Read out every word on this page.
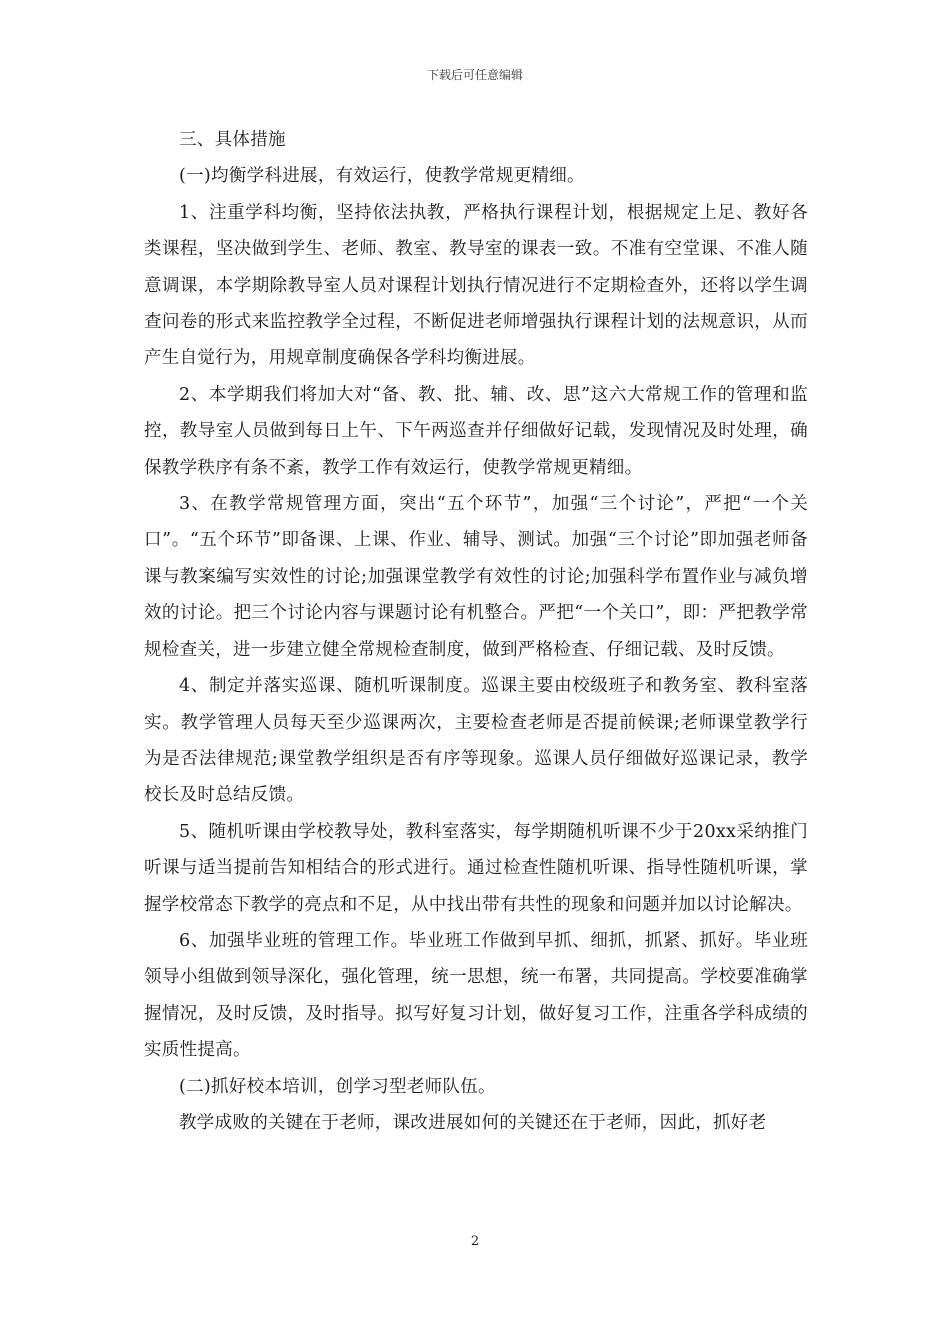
下载后可任意编辑

三、具体措施

(一)均衡学科进展，有效运行，使教学常规更精细。

1、注重学科均衡，坚持依法执教，严格执行课程计划，根据规定上足、教好各类课程，坚决做到学生、老师、教室、教导室的课表一致。不准有空堂课、不准人随意调课，本学期除教导室人员对课程计划执行情况进行不定期检查外，还将以学生调查问卷的形式来监控教学全过程，不断促进老师增强执行课程计划的法规意识，从而产生自觉行为，用规章制度确保各学科均衡进展。

2、本学期我们将加大对“备、教、批、辅、改、思”这六大常规工作的管理和监控，教导室人员做到每日上午、下午两巡查并仔细做好记载，发现情况及时处理，确保教学秩序有条不紊，教学工作有效运行，使教学常规更精细。

3、在教学常规管理方面，突出“五个环节”，加强“三个讨论”，严把“一个关口”。“五个环节”即备课、上课、作业、辅导、测试。加强“三个讨论”即加强老师备课与教案编写实效性的讨论;加强课堂教学有效性的讨论;加强科学布置作业与减负增效的讨论。把三个讨论内容与课题讨论有机整合。严把“一个关口”，即：严把教学常规检查关，进一步建立健全常规检查制度，做到严格检查、仔细记载、及时反馈。

4、制定并落实巡课、随机听课制度。巡课主要由校级班子和教务室、教科室落实。教学管理人员每天至少巡课两次，主要检查老师是否提前候课;老师课堂教学行为是否法律规范;课堂教学组织是否有序等现象。巡课人员仔细做好巡课记录，教学校长及时总结反馈。

5、随机听课由学校教导处，教科室落实，每学期随机听课不少于20xx采纳推门听课与适当提前告知相结合的形式进行。通过检查性随机听课、指导性随机听课，掌握学校常态下教学的亮点和不足，从中找出带有共性的现象和问题并加以讨论解决。

6、加强毕业班的管理工作。毕业班工作做到早抓、细抓，抓紧、抓好。毕业班领导小组做到领导深化，强化管理，统一思想，统一布署，共同提高。学校要准确掌握情况，及时反馈，及时指导。拟写好复习计划，做好复习工作，注重各学科成绩的实质性提高。

(二)抓好校本培训，创学习型老师队伍。

教学成败的关键在于老师，课改进展如何的关键还在于老师，因此，抓好老

2
